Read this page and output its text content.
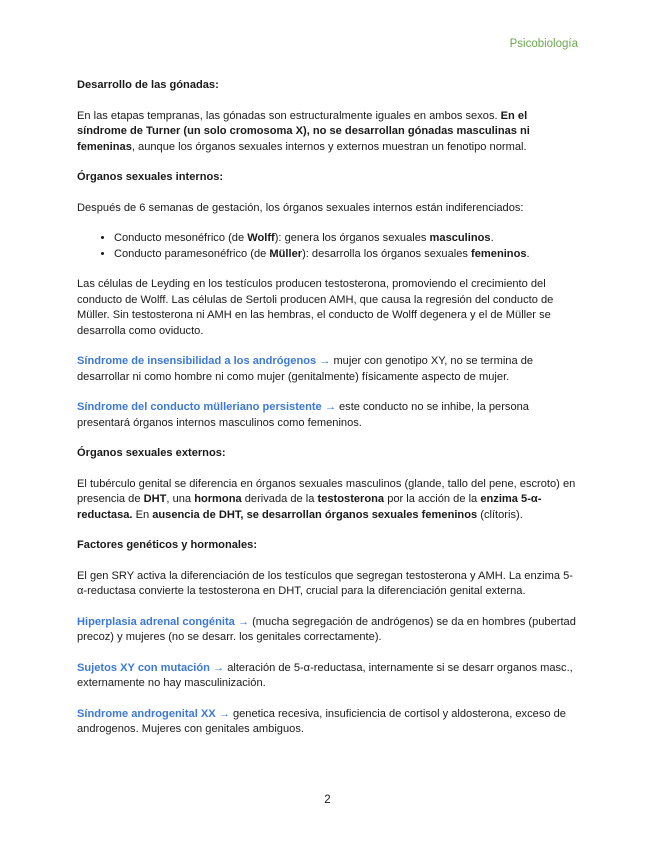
Psicobiología
Desarrollo de las gónadas:

En las etapas tempranas, las gónadas son estructuralmente iguales en ambos sexos. En el síndrome de Turner (un solo cromosoma X), no se desarrollan gónadas masculinas ni femeninas, aunque los órganos sexuales internos y externos muestran un fenotipo normal.

Órganos sexuales internos:

Después de 6 semanas de gestación, los órganos sexuales internos están indiferenciados:

• Conducto mesonéfrico (de Wolff): genera los órganos sexuales masculinos.
• Conducto paramesonéfrico (de Müller): desarrolla los órganos sexuales femeninos.

Las células de Leyding en los testículos producen testosterona, promoviendo el crecimiento del conducto de Wolff. Las células de Sertoli producen AMH, que causa la regresión del conducto de Müller. Sin testosterona ni AMH en las hembras, el conducto de Wolff degenera y el de Müller se desarrolla como oviducto.

Síndrome de insensibilidad a los andrógenos → mujer con genotipo XY, no se termina de desarrollar ni como hombre ni como mujer (genitalmente) físicamente aspecto de mujer.

Síndrome del conducto mülleriano persistente → este conducto no se inhibe, la persona presentará órganos internos masculinos como femeninos.

Órganos sexuales externos:

El tubérculo genital se diferencia en órganos sexuales masculinos (glande, tallo del pene, escroto) en presencia de DHT, una hormona derivada de la testosterona por la acción de la enzima 5-α-reductasa. En ausencia de DHT, se desarrollan órganos sexuales femeninos (clítoris).

Factores genéticos y hormonales:

El gen SRY activa la diferenciación de los testículos que segregan testosterona y AMH. La enzima 5-α-reductasa convierte la testosterona en DHT, crucial para la diferenciación genital externa.

Hiperplasia adrenal congénita → (mucha segregación de andrógenos) se da en hombres (pubertad precoz) y mujeres (no se desarr. los genitales correctamente).

Sujetos XY con mutación → alteración de 5-α-reductasa, internamente si se desarr organos masc., externamente no hay masculinización.

Síndrome androgenital XX → genetica recesiva, insuficiencia de cortisol y aldosterona, exceso de androgenos. Mujeres con genitales ambiguos.

2
